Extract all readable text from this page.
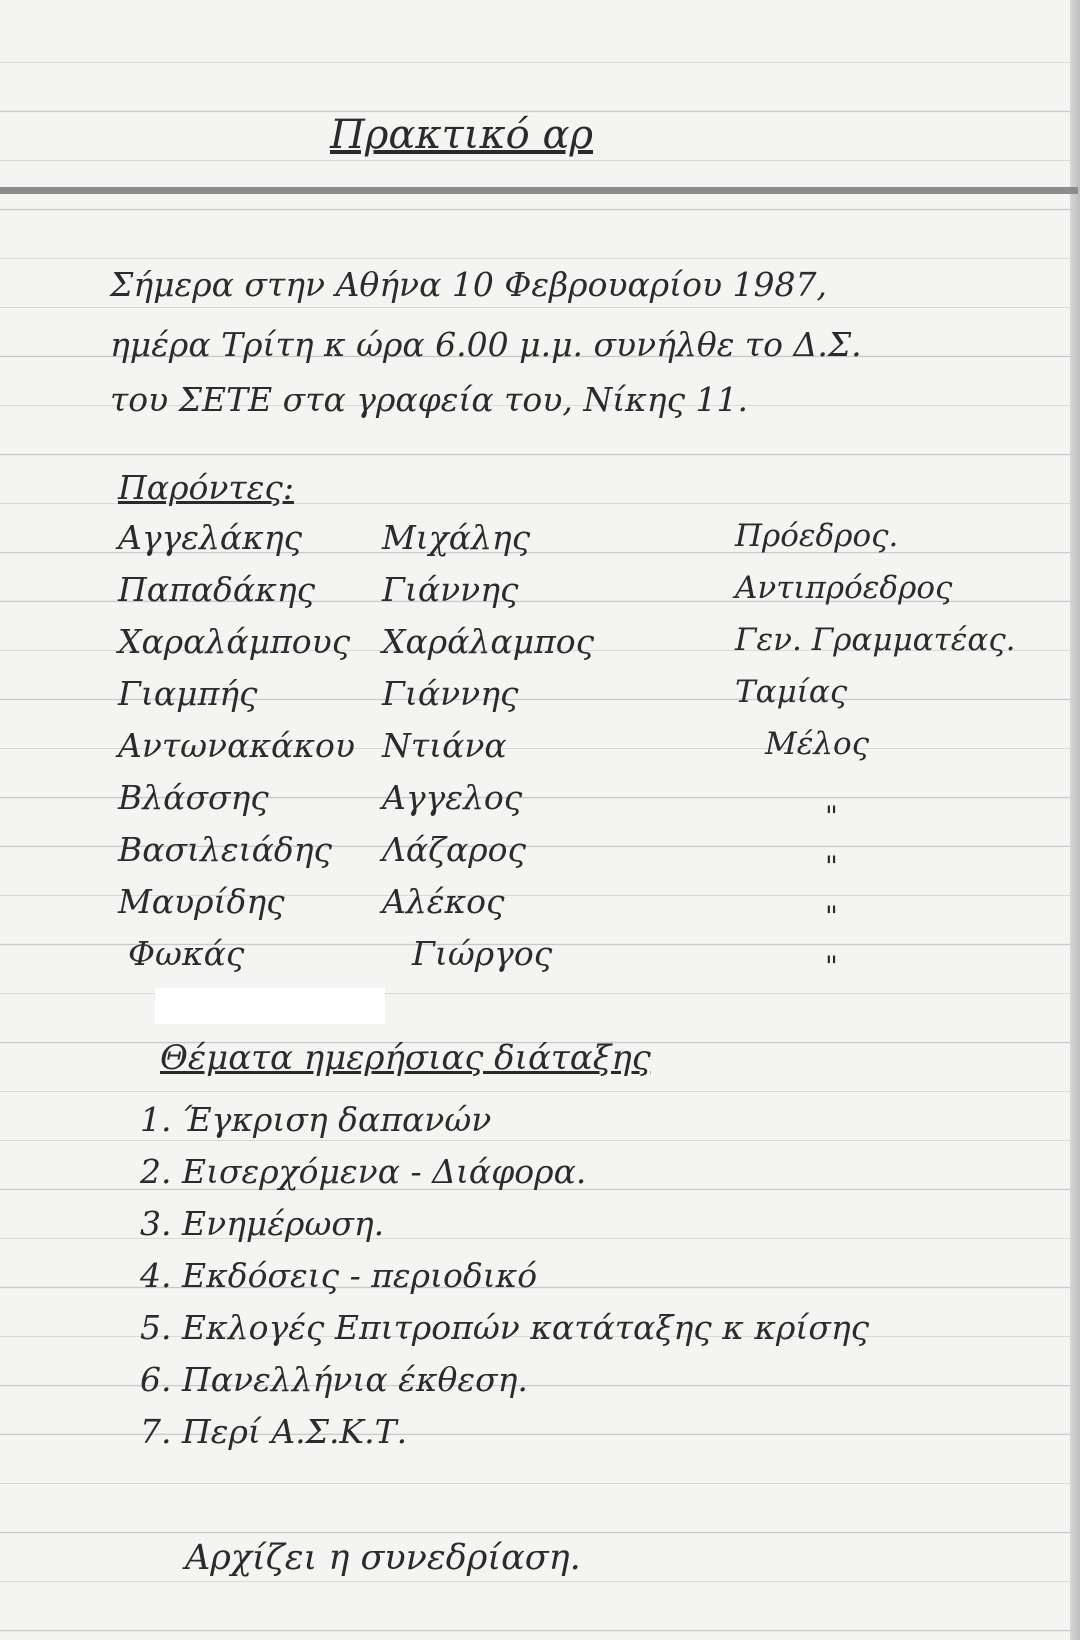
Πρακτικό αρ
Σήμερα στην Αθήνα 10 Φεβρουαρίου 1987,
ημέρα Τρίτη κ ώρα 6.00 μ.μ. συνήλθε το Δ.Σ.
του ΣΕΤΕ στα γραφεία του, Νίκης 11.
Παρόντες:
Αγγελάκης Μιχάλης	Πρόεδρος.
Παπαδάκης Γιάννης	Αντιπρόεδρος
Χαραλάμπους Χαράλαμπος	Γεν. Γραμματέας.
Γιαμπής	Γιάννης	Ταμίας
Αντωνακάκου Ντιάνα	Μέλος
Βλάσσης	Αγγελος	"
Βασιλειάδης Λάζαρος	"
Μαυρίδης	Αλέκος	"
Φωκάς	Γιώργος	"
Θέματα ημερήσιας διάταξης
1. Έγκριση δαπανών
2. Εισερχόμενα - Διάφορα.
3. Ενημέρωση.
4. Εκδόσεις - περιοδικό
5. Εκλογές Επιτροπών κατάταξης κ κρίσης
6. Πανελλήνια έκθεση.
7. Περί Α.Σ.Κ.Τ.
Αρχίζει η συνεδρίαση.
